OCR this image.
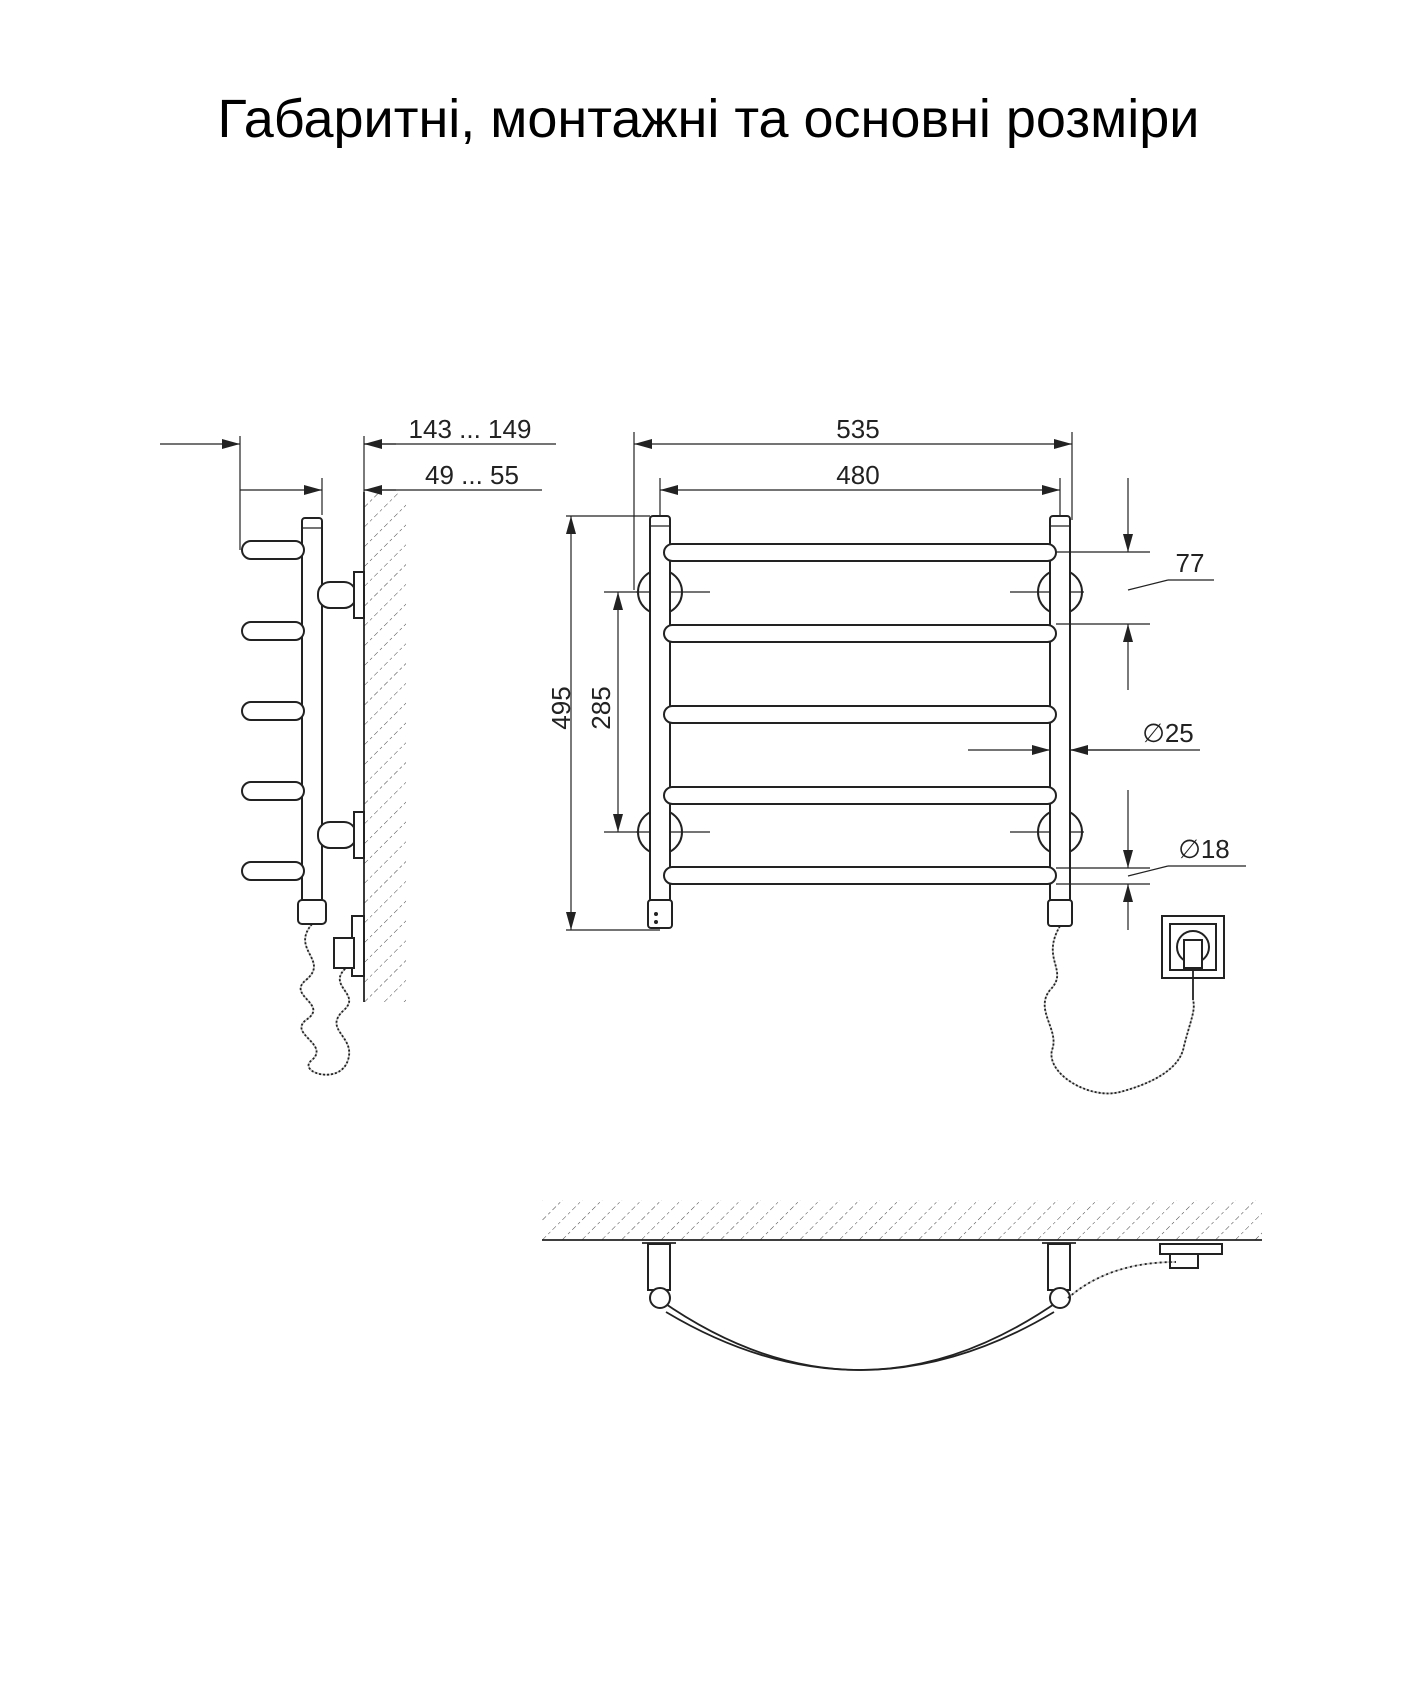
Габаритні, монтажні та основні розміри
143 ... 149
49 ... 55
535
480
495 285
77
∅25
∅18
